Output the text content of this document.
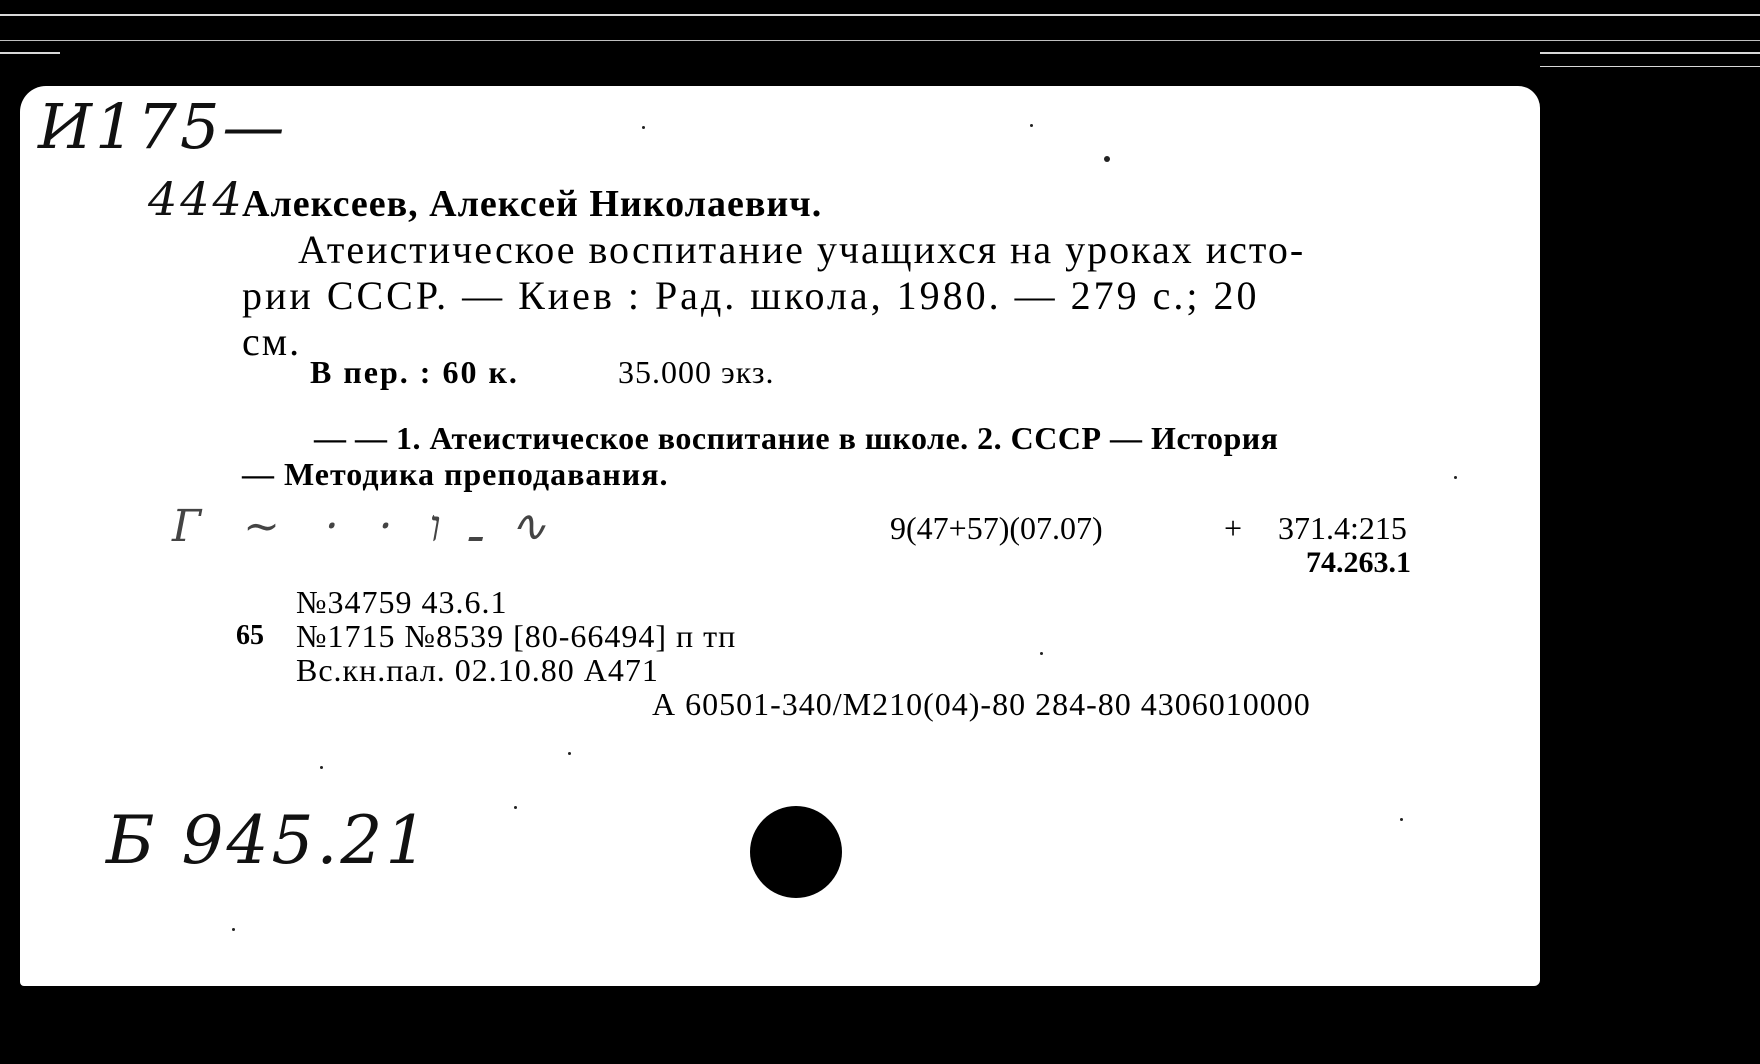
И175—
444
Алексеев, Алексей Николаевич.
Атеистическое воспитание учащихся на уроках исто-
рии СССР. — Киев : Рад. школа, 1980. — 279 с.; 20
см.
В пер. : 60 к.	35.000 экз.
— — 1. Атеистическое воспитание в школе. 2. СССР — История
— Методика преподавания.
Г ~ ⸱ ⸱ ـ ו ∿	9(47+57)(07.07)	+ 371.4:215
74.263.1
№34759 43.6.1
65 №1715 №8539 [80-66494] п тп
Вс.кн.пал. 02.10.80 А471
А 60501-340/М210(04)-80 284-80 4306010000
Б 945.21
